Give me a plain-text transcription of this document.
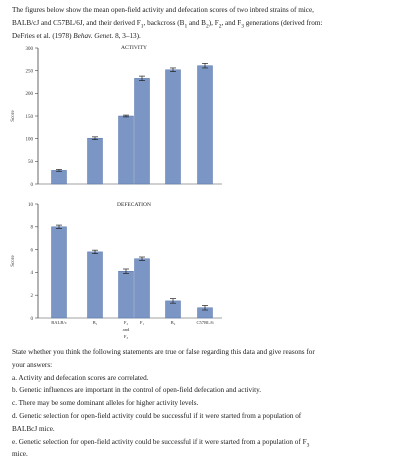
The figures below show the mean open-field activity and defecation scores of two inbred strains of mice,
BALB/cJ and C57BL/6J, and their derived $F_1$, backcross ($B_1$ and $B_2$), $F_2$, and $F_3$ generations (derived from:
DeFries et al. (1978) Behav. Genet. 8, 3–13).
ACTIVITY
0
50
100
150
200
250
300
Score
DEFECATION
0
2
4
6
8
10
Score
BALB/c	B₁	F₂	F₁	B₂	C57BL/6
and
F₃
State whether you think the following statements are true or false regarding this data and give reasons for
your answers:
a. Activity and defecation scores are correlated.
b. Genetic influences are important in the control of open-field defecation and activity.
c. There may be some dominant alleles for higher activity levels.
d. Genetic selection for open-field activity could be successful if it were started from a population of
BALBcJ mice.
e. Genetic selection for open-field activity could be successful if it were started from a population of $F_3$
mice.
